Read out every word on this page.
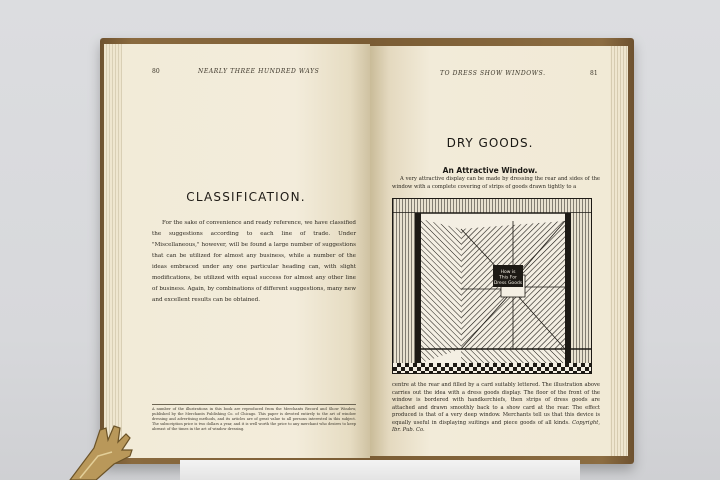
80	NEARLY THREE HUNDRED WAYS
CLASSIFICATION.

For the sake of convenience and ready reference, we have classified the suggestions according to each line of trade. Under "Miscellaneous," however, will be found a large number of suggestions that can be utilized for almost any business, while a number of the ideas embraced under any one particular heading can, with slight modifications, be utilized with equal success for almost any other line of business. Again, by combinations of different suggestions, many new and excellent results can be obtained.

A number of the illustrations in this book are reproduced from the Merchants Record and Show Window, published by the Merchants Publishing Co. of Chicago. This paper is devoted entirely to the art of window dressing and advertising methods, and its articles are of great value to all persons interested in this subject. The subscription price is two dollars a year, and it is well worth the price to any merchant who desires to keep abreast of the times in the art of window dressing.

TO DRESS SHOW WINDOWS.	81
DRY GOODS.
An Attractive Window.

A very attractive display can be made by dressing the rear and sides of the window with a complete covering of strips of goods drawn tightly to a

How is
This For
Dress Goods

centre at the rear and filled by a card suitably lettered. The illustration above carries out the idea with a dress goods display. The floor of the front of the window is bordered with handkerchiefs, then strips of dress goods are attached and drawn smoothly back to a show card at the rear. The effect produced is that of a very deep window. Merchants tell us that this device is equally useful in displaying suitings and piece goods of all kinds. Copyright, Ibr. Pub. Co.
